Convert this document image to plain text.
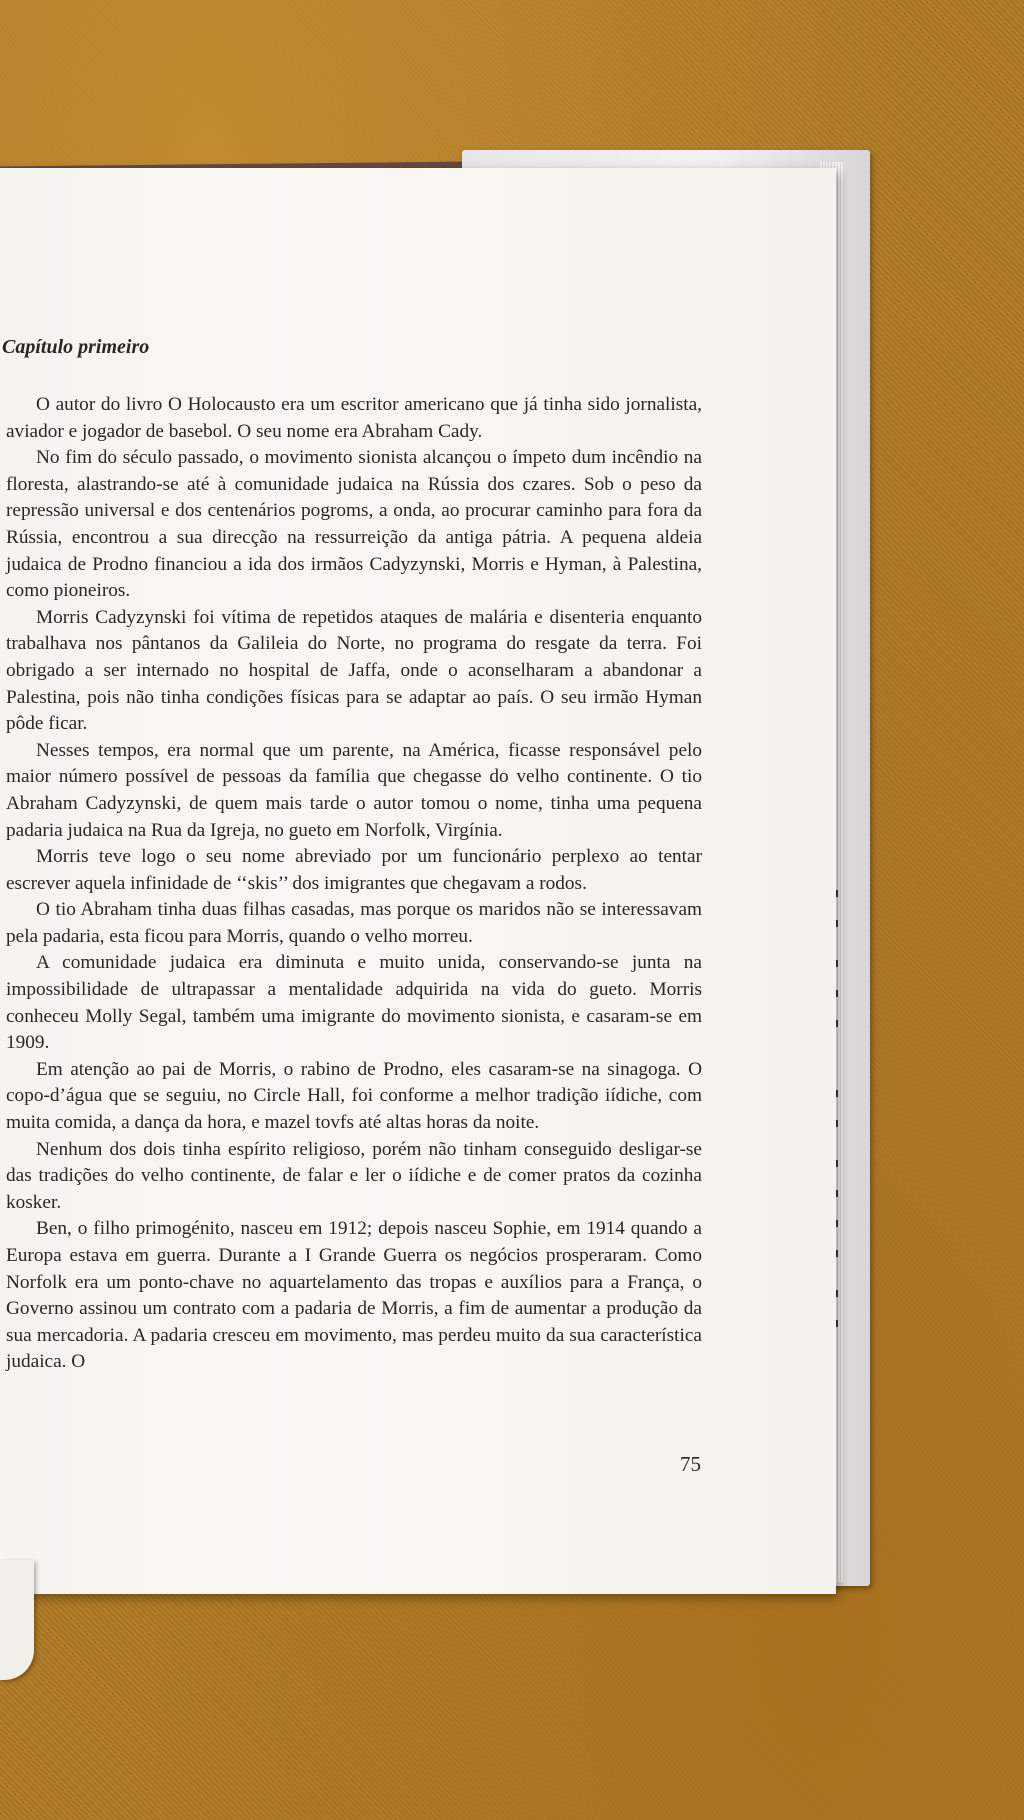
Capítulo primeiro

O autor do livro O Holocausto era um escritor americano que já tinha sido jornalista, aviador e jogador de basebol. O seu nome era Abraham Cady.

No fim do século passado, o movimento sionista alcançou o ímpeto dum incêndio na floresta, alastrando-se até à comunidade judaica na Rússia dos czares. Sob o peso da repressão universal e dos centenários pogroms, a onda, ao procurar caminho para fora da Rússia, encontrou a sua direcção na ressurreição da antiga pátria. A pequena aldeia judaica de Prodno financiou a ida dos irmãos Cadyzynski, Morris e Hyman, à Palestina, como pioneiros.

Morris Cadyzynski foi vítima de repetidos ataques de malária e disenteria enquanto trabalhava nos pântanos da Galileia do Norte, no programa do resgate da terra. Foi obrigado a ser internado no hospital de Jaffa, onde o aconselharam a abandonar a Palestina, pois não tinha condições físicas para se adaptar ao país. O seu irmão Hyman pôde ficar.

Nesses tempos, era normal que um parente, na América, ficasse responsável pelo maior número possível de pessoas da família que chegasse do velho continente. O tio Abraham Cadyzynski, de quem mais tarde o autor tomou o nome, tinha uma pequena padaria judaica na Rua da Igreja, no gueto em Norfolk, Virgínia.

Morris teve logo o seu nome abreviado por um funcionário perplexo ao tentar escrever aquela infinidade de ‘‘skis’’ dos imigrantes que chegavam a rodos.

O tio Abraham tinha duas filhas casadas, mas porque os maridos não se interessavam pela padaria, esta ficou para Morris, quando o velho morreu.

A comunidade judaica era diminuta e muito unida, conservando-se junta na impossibilidade de ultrapassar a mentalidade adquirida na vida do gueto. Morris conheceu Molly Segal, também uma imigrante do movimento sionista, e casaram-se em 1909.

Em atenção ao pai de Morris, o rabino de Prodno, eles casaram-se na sinagoga. O copo-d’água que se seguiu, no Circle Hall, foi conforme a melhor tradição iídiche, com muita comida, a dança da hora, e mazel tovfs até altas horas da noite.

Nenhum dos dois tinha espírito religioso, porém não tinham conseguido desligar-se das tradições do velho continente, de falar e ler o iídiche e de comer pratos da cozinha kosker.

Ben, o filho primogénito, nasceu em 1912; depois nasceu Sophie, em 1914 quando a Europa estava em guerra. Durante a I Grande Guerra os negócios prosperaram. Como Norfolk era um ponto-chave no aquartelamento das tropas e auxílios para a França, o Governo assinou um contrato com a padaria de Morris, a fim de aumentar a produção da sua mercadoria. A padaria cresceu em movimento, mas perdeu muito da sua característica judaica. O

75
